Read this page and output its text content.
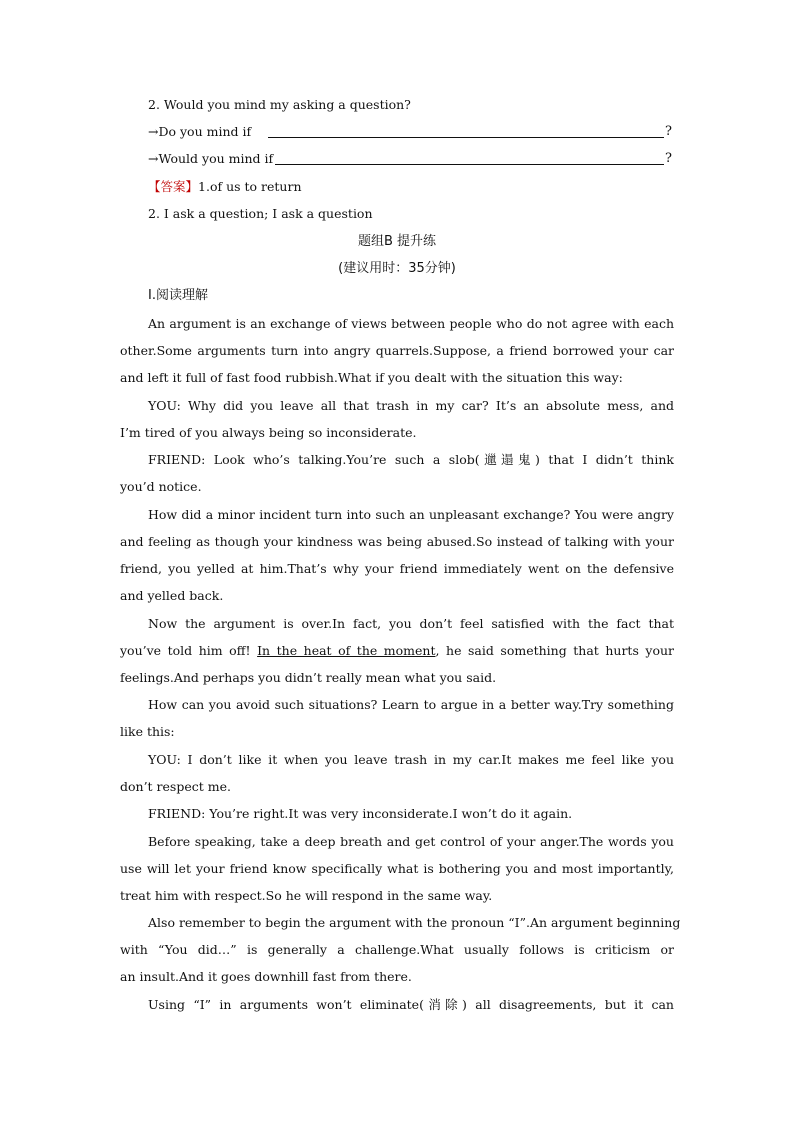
2. Would you mind my asking a question?
→Do you mind if	?
→Would you mind if	?
【答案】1.of us to return
2. I ask a question; I ask a question
题组B 提升练
(建议用时：35分钟)
Ⅰ.阅读理解
An argument is an exchange of views between people who do not agree with each
other.Some arguments turn into angry quarrels.Suppose, a friend borrowed your car
and left it full of fast food rubbish.What if you dealt with the situation this way:
YOU: Why did you leave all that trash in my car? It’s an absolute mess, and
I’m tired of you always being so inconsiderate.
FRIEND: Look who’s talking.You’re such a slob(邋遢鬼) that I didn’t think
you’d notice.
How did a minor incident turn into such an unpleasant exchange? You were angry
and feeling as though your kindness was being abused.So instead of talking with your
friend, you yelled at him.That’s why your friend immediately went on the defensive
and yelled back.
Now the argument is over.In fact, you don’t feel satisfied with the fact that
you’ve told him off! In the heat of the moment, he said something that hurts your
feelings.And perhaps you didn’t really mean what you said.
How can you avoid such situations? Learn to argue in a better way.Try something
like this:
YOU: I don’t like it when you leave trash in my car.It makes me feel like you
don’t respect me.
FRIEND: You’re right.It was very inconsiderate.I won’t do it again.
Before speaking, take a deep breath and get control of your anger.The words you
use will let your friend know specifically what is bothering you and most importantly,
treat him with respect.So he will respond in the same way.
Also remember to begin the argument with the pronoun “I”.An argument beginning
with “You did…” is generally a challenge.What usually follows is criticism or
an insult.And it goes downhill fast from there.
Using “I” in arguments won’t eliminate(消除) all disagreements, but it can
